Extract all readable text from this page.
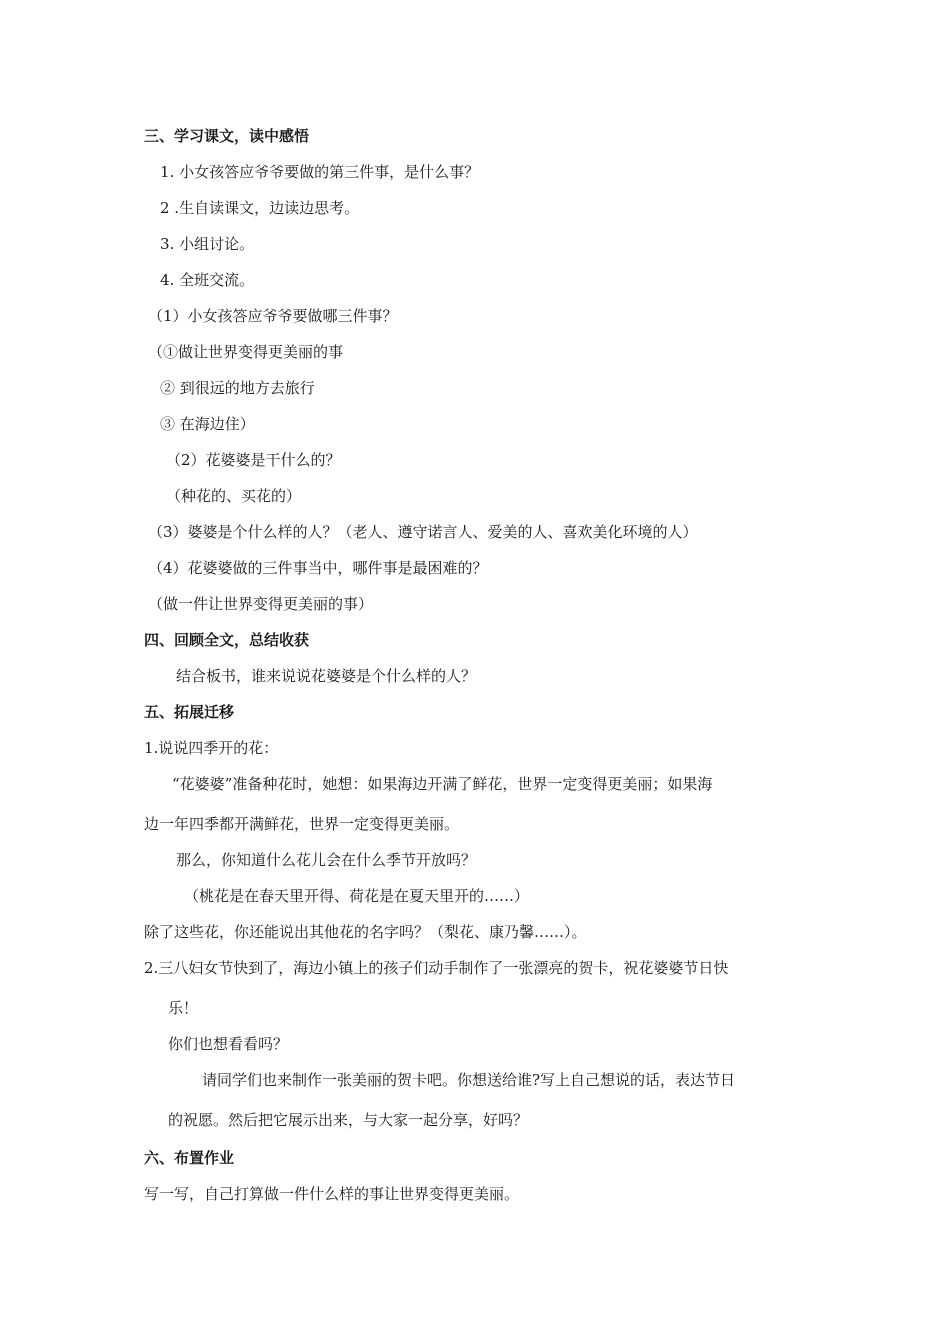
三、学习课文，读中感悟
1. 小女孩答应爷爷要做的第三件事，是什么事？
2 .生自读课文，边读边思考。
3. 小组讨论。
4. 全班交流。
（1）小女孩答应爷爷要做哪三件事？
（①做让世界变得更美丽的事
② 到很远的地方去旅行
③ 在海边住）
（2）花婆婆是干什么的？
（种花的、买花的）
（3）婆婆是个什么样的人？（老人、遵守诺言人、爱美的人、喜欢美化环境的人）
（4）花婆婆做的三件事当中，哪件事是最困难的？
（做一件让世界变得更美丽的事）
四、回顾全文，总结收获
结合板书，谁来说说花婆婆是个什么样的人？
五、拓展迁移
1.说说四季开的花：
“花婆婆”准备种花时，她想：如果海边开满了鲜花，世界一定变得更美丽；如果海
边一年四季都开满鲜花，世界一定变得更美丽。
那么，你知道什么花儿会在什么季节开放吗？
（桃花是在春天里开得、荷花是在夏天里开的……）
除了这些花，你还能说出其他花的名字吗？（梨花、康乃馨……）。
2.三八妇女节快到了，海边小镇上的孩子们动手制作了一张漂亮的贺卡，祝花婆婆节日快
乐！
你们也想看看吗？
请同学们也来制作一张美丽的贺卡吧。你想送给谁?写上自己想说的话，表达节日
的祝愿。然后把它展示出来，与大家一起分享，好吗？
六、布置作业
写一写，自己打算做一件什么样的事让世界变得更美丽。
